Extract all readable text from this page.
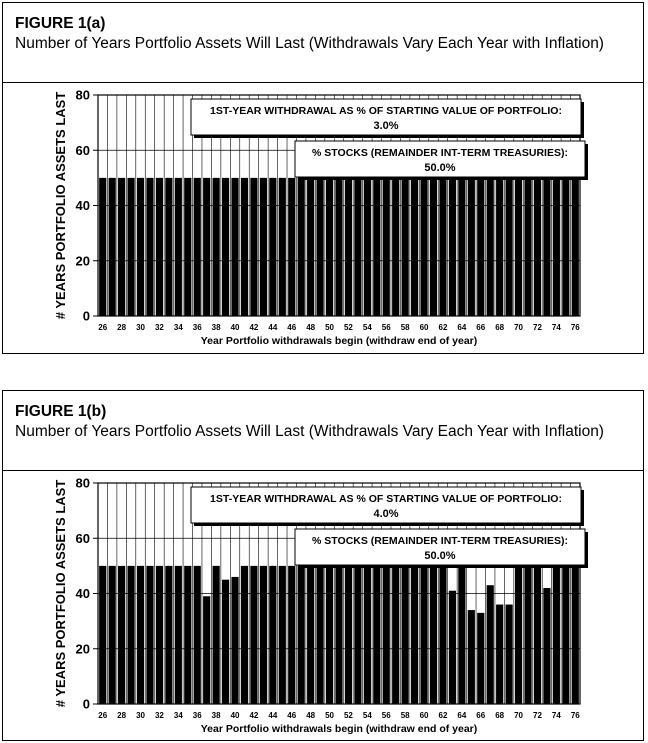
FIGURE 1(a)
Number of Years Portfolio Assets Will Last (Withdrawals Vary Each Year with Inflation)
0
20
40
60
80
26 28 30 32 34 36 38 40 42 44 46 48 50 52 54 56 58 60 62 64 66 68 70 72 74 76
Year Portfolio withdrawals begin (withdraw end of year)
# YEARS PORTFOLIO ASSETS LAST	1ST-YEAR WITHDRAWAL AS % OF STARTING VALUE OF PORTFOLIO:
3.0%
% STOCKS (REMAINDER INT-TERM TREASURIES):
50.0%
FIGURE 1(b)
Number of Years Portfolio Assets Will Last (Withdrawals Vary Each Year with Inflation)
0
20
40
60
80
26 28 30 32 34 36 38 40 42 44 46 48 50 52 54 56 58 60 62 64 66 68 70 72 74 76
Year Portfolio withdrawals begin (withdraw end of year)
# YEARS PORTFOLIO ASSETS LAST	1ST-YEAR WITHDRAWAL AS % OF STARTING VALUE OF PORTFOLIO:
4.0%
% STOCKS (REMAINDER INT-TERM TREASURIES):
50.0%
